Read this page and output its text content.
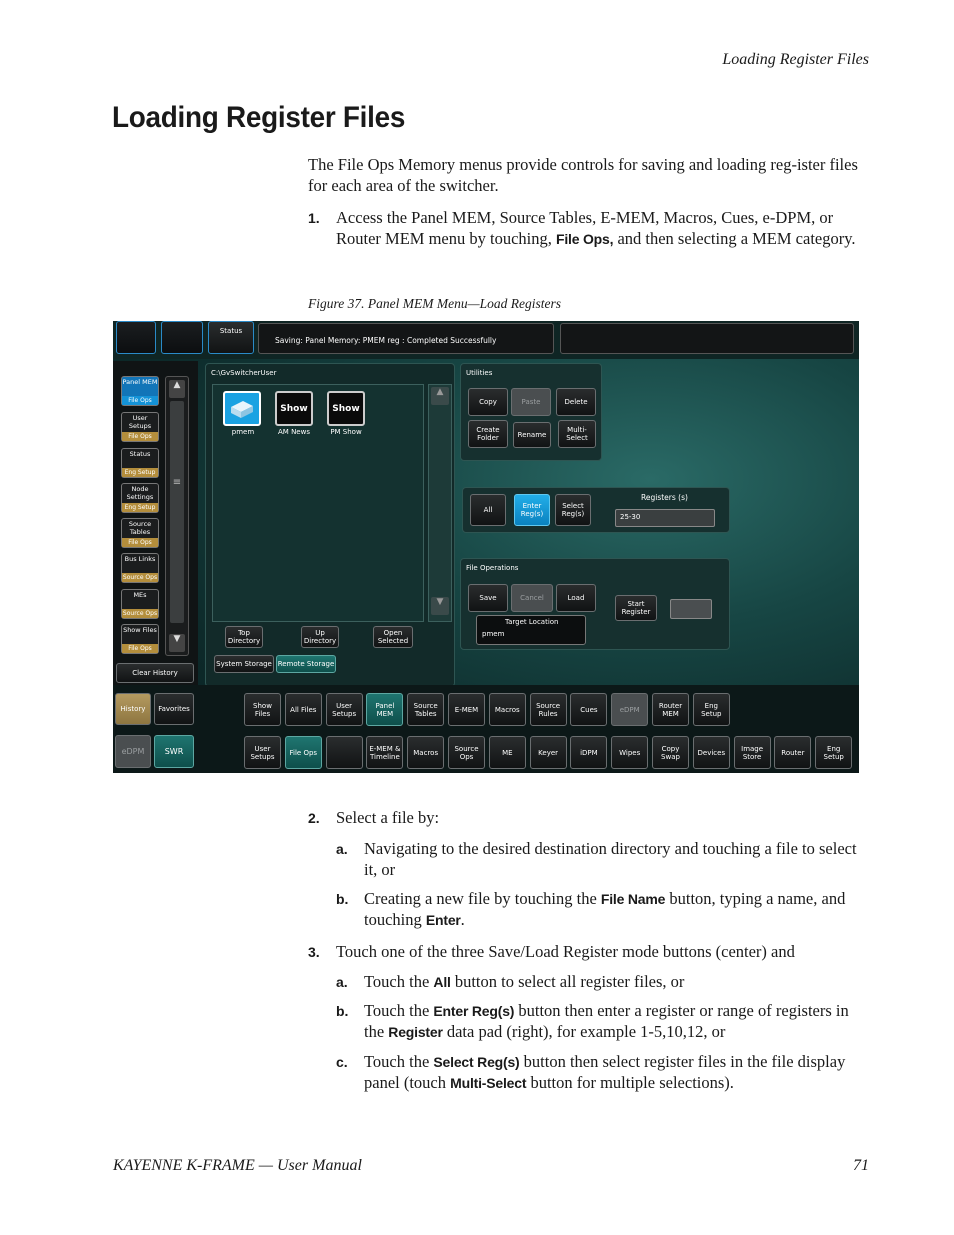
Loading Register Files
Loading Register Files
The File Ops Memory menus provide controls for saving and loading reg-ister files for each area of the switcher.
1. Access the Panel MEM, Source Tables, E-MEM, Macros, Cues, e-DPM, or Router MEM menu by touching, File Ops, and then selecting a MEM category.
Figure 37. Panel MEM Menu—Load Registers
Status
Saving: Panel Memory: PMEM reg : Completed Successfully
Panel MEM
File Ops
User Setups
File Ops
Status
Eng Setup
Node Settings
Eng Setup
Source Tables
File Ops
Bus Links
Source Ops
MEs
Source Ops
Show Files
File Ops
▲
≡
▼
Clear History
C:\GvSwitcherUser
pmem
Show
AM News
Show
PM Show
▲
▼
Top Directory
Up Directory
Open Selected
System Storage Remote Storage
Utilities
Copy	Paste	Delete
Create Folder	Rename
Multi-Select
All	Enter Reg(s)
Select Reg(s)
Registers (s)
25-30
File Operations
Save	Cancel	Load
Target Location
pmem
Start Register
History Favorites
eDPM	SWR
Show Files	All Files	User Setups
Panel MEM
Source Tables	E-MEM Macros	Source Rules	Cues	eDPM	Router MEM
Eng Setup
User Setups	File Ops	E-MEM & Timeline	Macros	Source Ops	ME	Keyer	iDPM	Wipes	Copy Swap	Devices	Image Store	Router	Eng Setup
2. Select a file by:
a. Navigating to the desired destination directory and touching a file to select it, or
b. Creating a new file by touching the File Name button, typing a name, and touching Enter.
3. Touch one of the three Save/Load Register mode buttons (center) and
a. Touch the All button to select all register files, or
b. Touch the Enter Reg(s) button then enter a register or range of registers in the Register data pad (right), for example 1-5,10,12, or
c. Touch the Select Reg(s) button then select register files in the file display panel (touch Multi-Select button for multiple selections).
KAYENNE K-FRAME — User Manual	71
